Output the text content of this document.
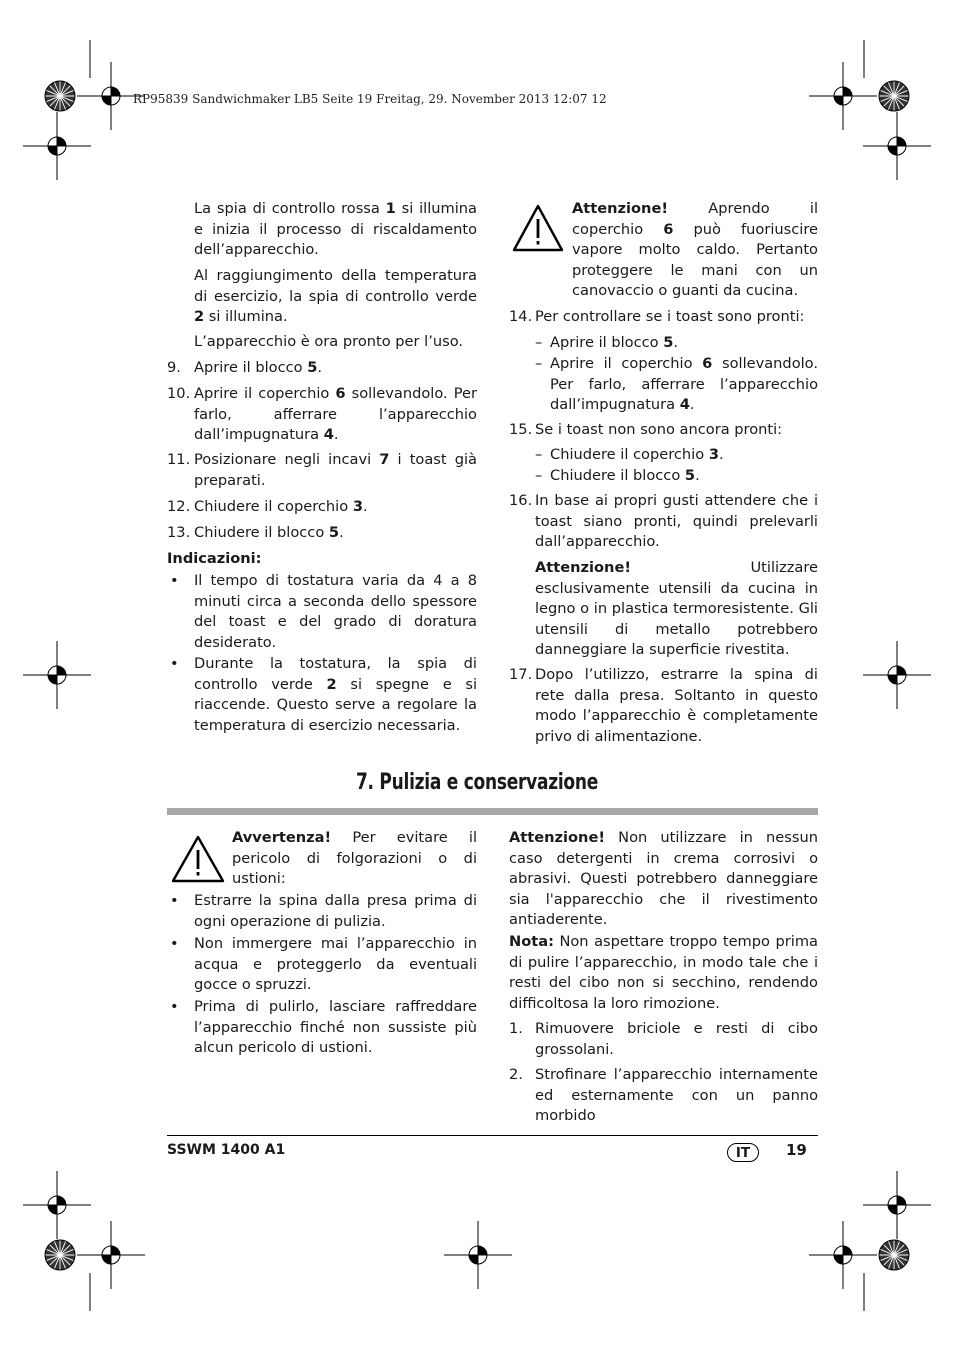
RP95839 Sandwichmaker LB5 Seite 19 Freitag, 29. November 2013 12:07 12

La spia di controllo rossa 1 si illumina e inizia il processo di riscaldamento dell’apparecchio.

Al raggiungimento della temperatura di esercizio, la spia di controllo verde 2 si illumina.

L’apparecchio è ora pronto per l’uso.

9. Aprire il blocco 5.

10. Aprire il coperchio 6 sollevandolo. Per farlo, afferrare l’apparecchio dall’impugnatura 4.

11. Posizionare negli incavi 7 i toast già preparati.

12. Chiudere il coperchio 3.

13. Chiudere il blocco 5.

Indicazioni:
• Il tempo di tostatura varia da 4 a 8 minuti circa a seconda dello spessore del toast e del grado di doratura desiderato.

• Durante la tostatura, la spia di controllo verde 2 si spegne e si riaccende. Questo serve a regolare la temperatura di esercizio necessaria.

Attenzione! Aprendo il coperchio 6 può fuoriuscire vapore molto caldo. Pertanto proteggere le mani con un canovaccio o guanti da cucina.

14. Per controllare se i toast sono pronti:

– Aprire il blocco 5.

– Aprire il coperchio 6 sollevandolo. Per farlo, afferrare l’apparecchio dall’impugnatura 4.

15. Se i toast non sono ancora pronti:

– Chiudere il coperchio 3.

– Chiudere il blocco 5.

16. In base ai propri gusti attendere che i toast siano pronti, quindi prelevarli dall’apparecchio.

Attenzione! Utilizzare esclusivamente utensili da cucina in legno o in plastica termoresistente. Gli utensili di metallo potrebbero danneggiare la superficie rivestita.

17. Dopo l’utilizzo, estrarre la spina di rete dalla presa. Soltanto in questo modo l’apparecchio è completamente privo di alimentazione.

7. Pulizia e conservazione

Avvertenza! Per evitare il pericolo di folgorazioni o di ustioni:

• Estrarre la spina dalla presa prima di ogni operazione di pulizia.

• Non immergere mai l’apparecchio in acqua e proteggerlo da eventuali gocce o spruzzi.

• Prima di pulirlo, lasciare raffreddare l’apparecchio finché non sussiste più alcun pericolo di ustioni.

Attenzione! Non utilizzare in nessun caso detergenti in crema corrosivi o abrasivi. Questi potrebbero danneggiare sia l'apparecchio che il rivestimento antiaderente.

Nota: Non aspettare troppo tempo prima di pulire l’apparecchio, in modo tale che i resti del cibo non si secchino, rendendo difficoltosa la loro rimozione.

1. Rimuovere briciole e resti di cibo grossolani.

2. Strofinare l’apparecchio internamente ed esternamente con un panno morbido

SSWM 1400 A1	IT	19
